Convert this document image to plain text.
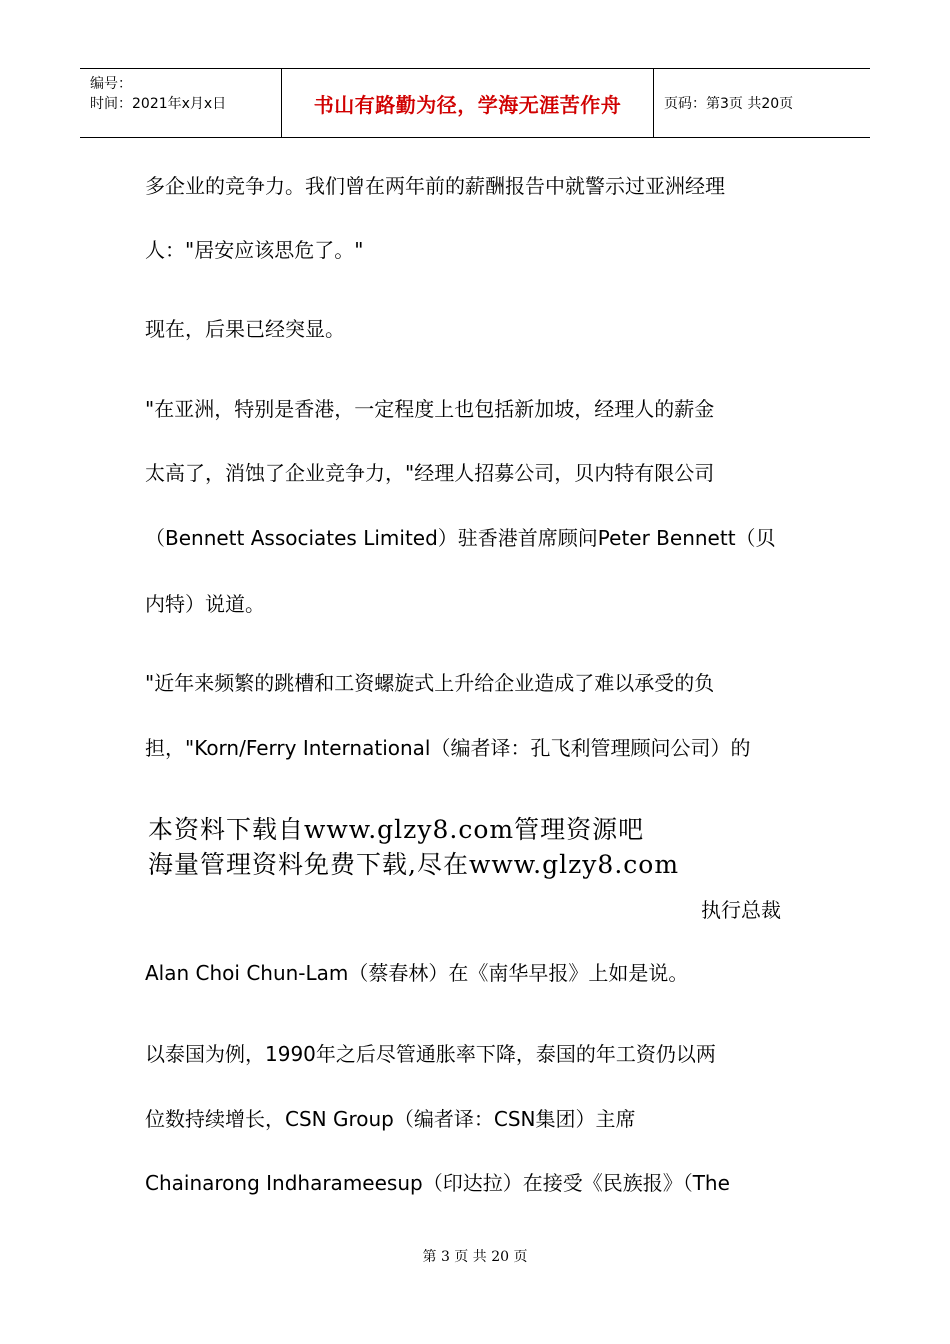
编号：
时间：2021年x月x日	书山有路勤为径，学海无涯苦作舟	页码：第3页 共20页
多企业的竞争力。我们曾在两年前的薪酬报告中就警示过亚洲经理
人："居安应该思危了。"
现在，后果已经突显。
"在亚洲，特别是香港，一定程度上也包括新加坡，经理人的薪金
太高了，消蚀了企业竞争力，"经理人招募公司，贝内特有限公司
（Bennett Associates Limited）驻香港首席顾问Peter Bennett（贝
内特）说道。
"近年来频繁的跳槽和工资螺旋式上升给企业造成了难以承受的负
担，"Korn/Ferry International（编者译：孔飞利管理顾问公司）的
本资料下载自www.glzy8.com管理资源吧
海量管理资料免费下载,尽在www.glzy8.com
执行总裁
Alan Choi Chun-Lam（蔡春林）在《南华早报》上如是说。
以泰国为例，1990年之后尽管通胀率下降，泰国的年工资仍以两
位数持续增长，CSN Group（编者译：CSN集团）主席
Chainarong Indharameesup（印达拉）在接受《民族报》（The
第 3 页 共 20 页
